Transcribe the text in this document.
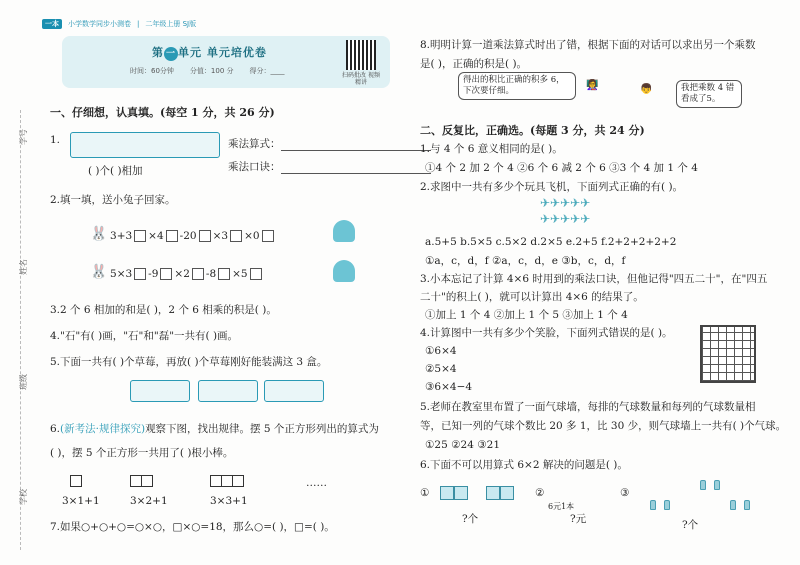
一本	小学数学同步小测卷 | 二年级上册 SJ版
第 一 单元 单元培优卷
时间：60分钟 分值：100 分 得分：____
扫码批改 视频精讲
学号
姓名
班级
学校
一、仔细想，认真填。(每空 1 分，共 26 分)
1.	乘法算式：
乘法口诀：
( )个( )相加
2.填一填，送小兔子回家。
🐰 3+3 ×4 -20 ×3 ×0
🐰 5×3 -9 ×2 -8 ×5
3.2 个 6 相加的和是( )，2 个 6 相乘的积是( )。
4."石"有( )画，"石"和"磊"一共有( )画。
5.下面一共有( )个草莓，再放( )个草莓刚好能装满这 3 盒。
6.(新考法·规律探究)观察下图，找出规律。摆 5 个正方形列出的算式为
( )，摆 5 个正方形一共用了( )根小棒。
3×1+1	3×2+1	3×3+1
……
7.如果○+○+○=○×○，□×○=18，那么○=( )，□=( )。
8.明明计算一道乘法算式时出了错，根据下面的对话可以求出另一个乘数
是( )，正确的积是( )。
得出的积比正确的积多 6，下次要仔细。	👩‍🏫	👦	我把乘数 4 错看成了5。
二、反复比，正确选。(每题 3 分，共 24 分)
1.与 4 个 6 意义相同的是( )。
①4 个 2 加 2 个 4 ②6 个 6 减 2 个 6 ③3 个 4 加 1 个 4
2.求图中一共有多少个玩具飞机，下面列式正确的有( )。
✈✈✈✈✈
✈✈✈✈✈
a.5+5 b.5×5 c.5×2 d.2×5 e.2+5 f.2+2+2+2+2
①a，c，d，f ②a，c，d，e ③b，c，d，f
3.小本忘记了计算 4×6 时用到的乘法口诀，但他记得"四五二十"，在"四五
二十"的积上( )，就可以计算出 4×6 的结果了。
①加上 1 个 4 ②加上 1 个 5 ③加上 1 个 4
4.计算图中一共有多少个笑脸，下面列式错误的是( )。
①6×4
②5×4
③6×4−4
5.老师在教室里布置了一面气球墙，每排的气球数量和每列的气球数量相
等，已知一列的气球个数比 20 多 1，比 30 少，则气球墙上一共有( )个气球。
①25 ②24 ③21
6.下面不可以用算式 6×2 解决的问题是( )。
①
?个
②
6元1本
?元
③
?个
